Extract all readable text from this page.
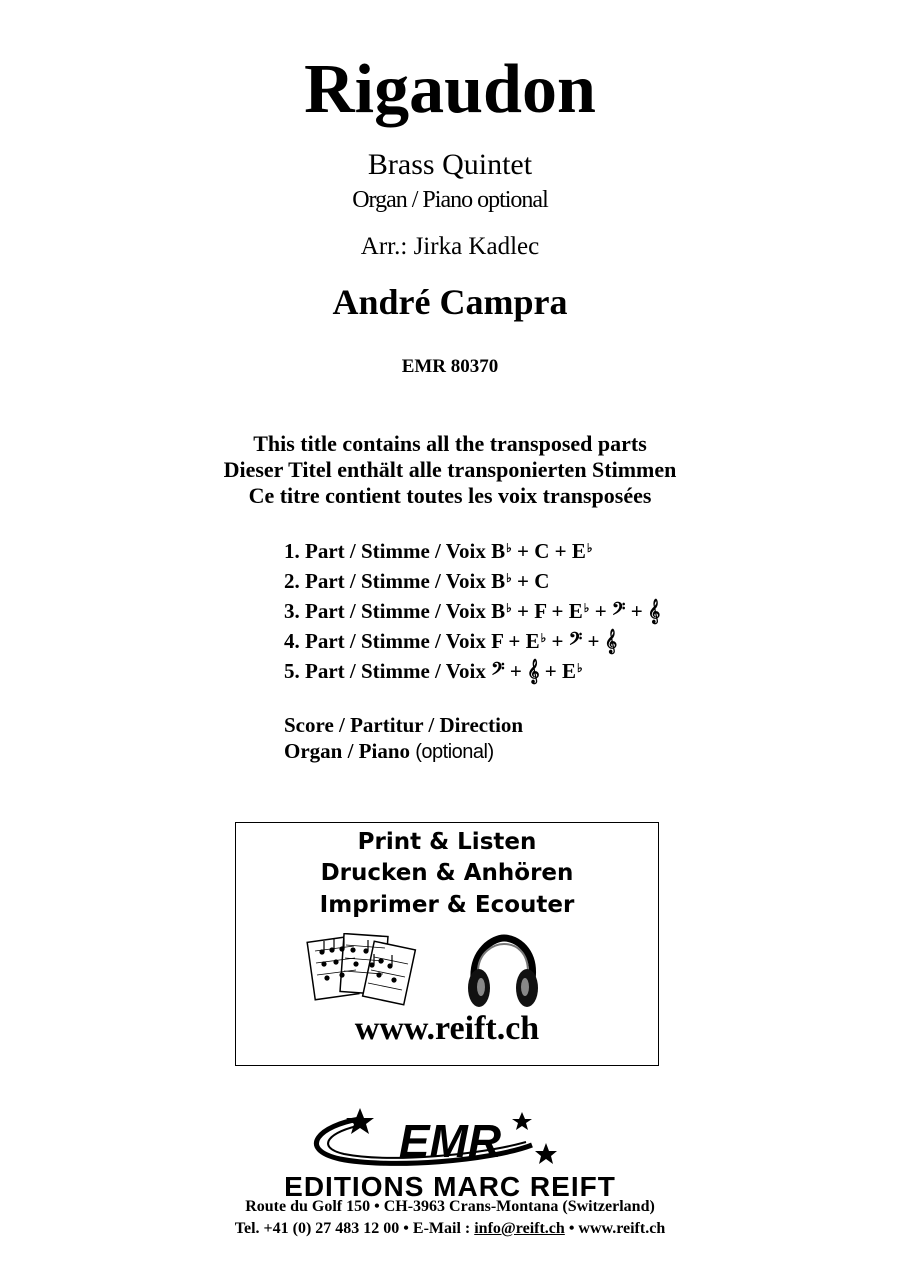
Rigaudon
Brass Quintet
Organ / Piano optional
Arr.: Jirka Kadlec
André Campra
EMR 80370
This title contains all the transposed parts
Dieser Titel enthält alle transponierten Stimmen
Ce titre contient toutes les voix transposées
1. Part / Stimme / Voix B♭ + C + E♭
2. Part / Stimme / Voix B♭ + C
3. Part / Stimme / Voix B♭ + F + E♭ + 𝄢 + 𝄞
4. Part / Stimme / Voix F + E♭ + 𝄢 + 𝄞
5. Part / Stimme / Voix 𝄢 + 𝄞 + E♭
Score / Partitur / Direction
Organ / Piano (optional)
Print & Listen
Drucken & Anhören
Imprimer & Ecouter
www.reift.ch
EMR
EDITIONS MARC REIFT
Route du Golf 150 • CH-3963 Crans-Montana (Switzerland)
Tel. +41 (0) 27 483 12 00 • E-Mail : info@reift.ch • www.reift.ch
